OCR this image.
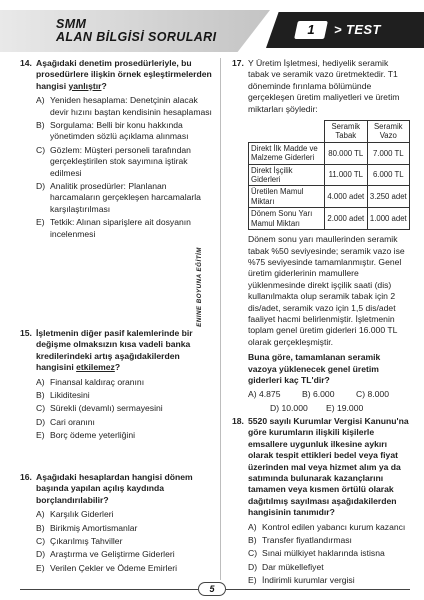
SMM
ALAN BİLGİSİ SORULARI	1	> TEST
ENINE BOYUNA EĞİTİM
14. Aşağıdaki denetim prosedürleriyle, bu prosedürlere ilişkin örnek eşleştirmelerden hangisi yanlıştır?
A) Yeniden hesaplama: Denetçinin alacak devir hızını baştan kendisinin hesaplaması
B) Sorgulama: Belli bir konu hakkında yönetimden sözlü açıklama alınması
C) Gözlem: Müşteri personeli tarafından gerçekleştirilen stok sayımına iştirak edilmesi
D) Analitik prosedürler: Planlanan harcamaların gerçekleşen harcamalarla karşılaştırılması
E) Tetkik: Alınan siparişlere ait dosyanın incelenmesi
15. İşletmenin diğer pasif kalemlerinde bir değişme olmaksızın kısa vadeli banka kredilerindeki artış aşağıdakilerden hangisini etkilemez?
A) Finansal kaldıraç oranını
B) Likiditesini
C) Sürekli (devamlı) sermayesini
D) Cari oranını
E) Borç ödeme yeterliğini
16. Aşağıdaki hesaplardan hangisi dönem başında yapılan açılış kaydında borçlandırılabilir?
A) Karşılık Giderleri
B) Birikmiş Amortismanlar
C) Çıkarılmış Tahviller
D) Araştırma ve Geliştirme Giderleri
E) Verilen Çekler ve Ödeme Emirleri
17. Y Üretim İşletmesi, hediyelik seramik tabak ve seramik vazo üretmektedir. T1 döneminde fırınlama bölümünde gerçekleşen üretim maliyetleri ve üretim miktarları şöyledir:
	Seramik Tabak	Seramik Vazo
Direkt İlk Madde ve Malzeme Giderleri	80.000 TL	7.000 TL
Direkt İşçilik Giderleri	11.000 TL	6.000 TL
Üretilen Mamul Miktarı	4.000 adet	3.250 adet
Dönem Sonu Yarı Mamul Miktarı	2.000 adet	1.000 adet
Dönem sonu yarı maullerinden seramik tabak %50 seviyesinde; seramik vazo ise %75 seviyesinde tamamlanmıştır. Genel üretim giderlerinin mamullere yüklenmesinde direkt işçilik saati (dis) kullanılmakta olup seramik tabak için 2 dis/adet, seramik vazo için 1,5 dis/adet faaliyet hacmi belirlenmiştir. İşletmenin toplam genel üretim giderleri 16.000 TL olarak gerçekleşmiştir.
Buna göre, tamamlanan seramik vazoya yüklenecek genel üretim giderleri kaç TL'dir?
A) 4.875	B) 6.000	C) 8.000
D) 10.000	E) 19.000
18. 5520 sayılı Kurumlar Vergisi Kanunu'na göre kurumların ilişkili kişilerle emsallere uygunluk ilkesine aykırı olarak tespit ettikleri bedel veya fiyat üzerinden mal veya hizmet alım ya da satımında bulunarak kazançlarını tamamen veya kısmen örtülü olarak dağıtılmış sayılması aşağıdakilerden hangisinin tanımıdır?
A) Kontrol edilen yabancı kurum kazancı
B) Transfer fiyatlandırması
C) Sınai mülkiyet haklarında istisna
D) Dar mükellefiyet
E) İndirimli kurumlar vergisi
5
